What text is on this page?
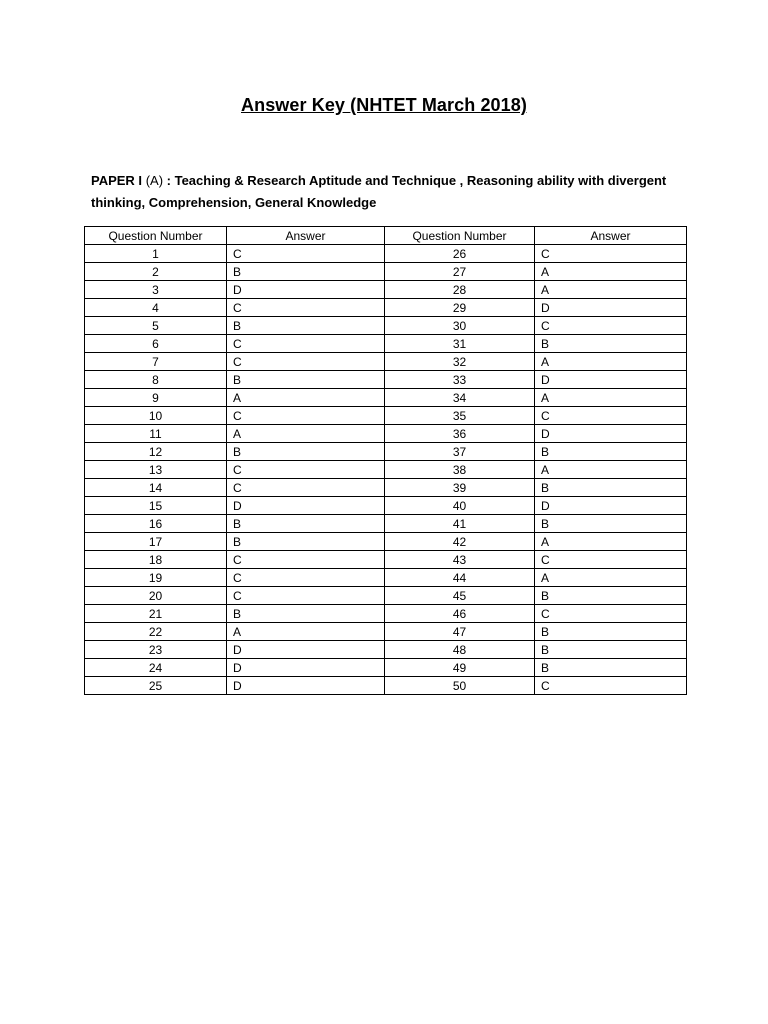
Answer Key (NHTET March 2018)
PAPER I (A) : Teaching & Research Aptitude and Technique , Reasoning ability with divergent thinking, Comprehension, General Knowledge
Question Number	Answer	Question Number	Answer
1	C	26	C
2	B	27	A
3	D	28	A
4	C	29	D
5	B	30	C
6	C	31	B
7	C	32	A
8	B	33	D
9	A	34	A
10	C	35	C
11	A	36	D
12	B	37	B
13	C	38	A
14	C	39	B
15	D	40	D
16	B	41	B
17	B	42	A
18	C	43	C
19	C	44	A
20	C	45	B
21	B	46	C
22	A	47	B
23	D	48	B
24	D	49	B
25	D	50	C
